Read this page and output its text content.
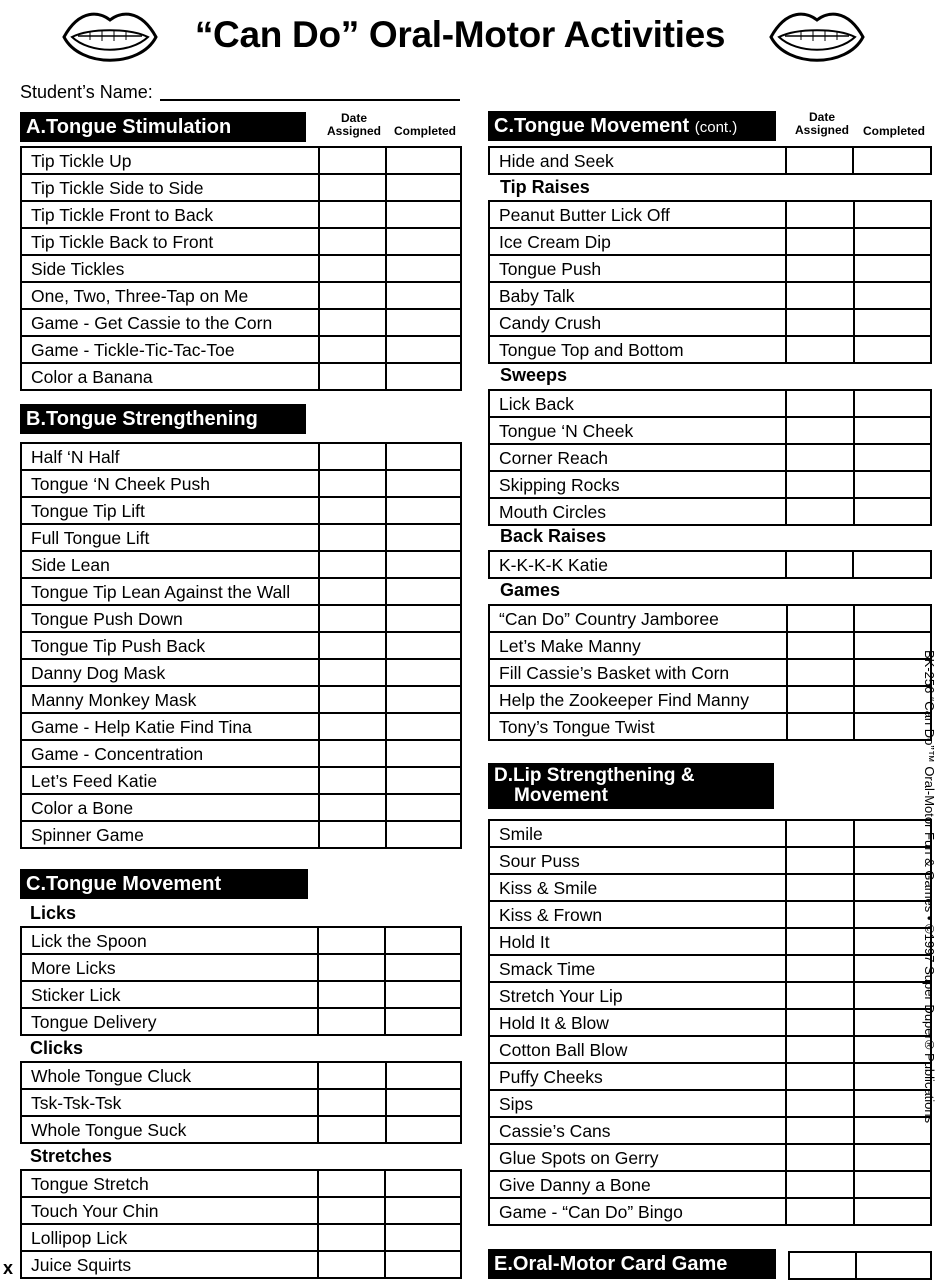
“Can Do” Oral-Motor Activities
Student’s Name:
Date
Assigned	Completed
Date
Assigned	Completed
A.Tongue Stimulation
Tip Tickle Up		
Tip Tickle Side to Side		
Tip Tickle Front to Back		
Tip Tickle Back to Front		
Side Tickles		
One, Two, Three-Tap on Me		
Game - Get Cassie to the Corn		
Game - Tickle-Tic-Tac-Toe		
Color a Banana		
B.Tongue Strengthening
Half ‘N Half		
Tongue ‘N Cheek Push		
Tongue Tip Lift		
Full Tongue Lift		
Side Lean		
Tongue Tip Lean Against the Wall		
Tongue Push Down		
Tongue Tip Push Back		
Danny Dog Mask		
Manny Monkey Mask		
Game - Help Katie Find Tina		
Game - Concentration		
Let’s Feed Katie		
Color a Bone		
Spinner Game		
C.Tongue Movement
Licks
Lick the Spoon		
More Licks		
Sticker Lick		
Tongue Delivery		
Clicks
Whole Tongue Cluck		
Tsk-Tsk-Tsk		
Whole Tongue Suck		
Stretches
Tongue Stretch		
Touch Your Chin		
Lollipop Lick		
Juice Squirts		
C.Tongue Movement (cont.)
Hide and Seek		
Tip Raises
Peanut Butter Lick Off		
Ice Cream Dip		
Tongue Push		
Baby Talk		
Candy Crush		
Tongue Top and Bottom		
Sweeps
Lick Back		
Tongue ‘N Cheek		
Corner Reach		
Skipping Rocks		
Mouth Circles		
Back Raises
K-K-K-K Katie		
Games
“Can Do” Country Jamboree		
Let’s Make Manny		
Fill Cassie’s Basket with Corn		
Help the Zookeeper Find Manny		
Tony’s Tongue Twist		
D.Lip Strengthening &
Movement
Smile		
Sour Puss		
Kiss & Smile		
Kiss & Frown		
Hold It		
Smack Time		
Stretch Your Lip		
Hold It & Blow		
Cotton Ball Blow		
Puffy Cheeks		
Sips		
Cassie’s Cans		
Glue Spots on Gerry		
Give Danny a Bone		
Game - “Can Do” Bingo		
E.Oral-Motor Card Game

BK-256 “Can Do”™ Oral-Motor Fun & Games • ©1997 Super Duper® Publications
x
